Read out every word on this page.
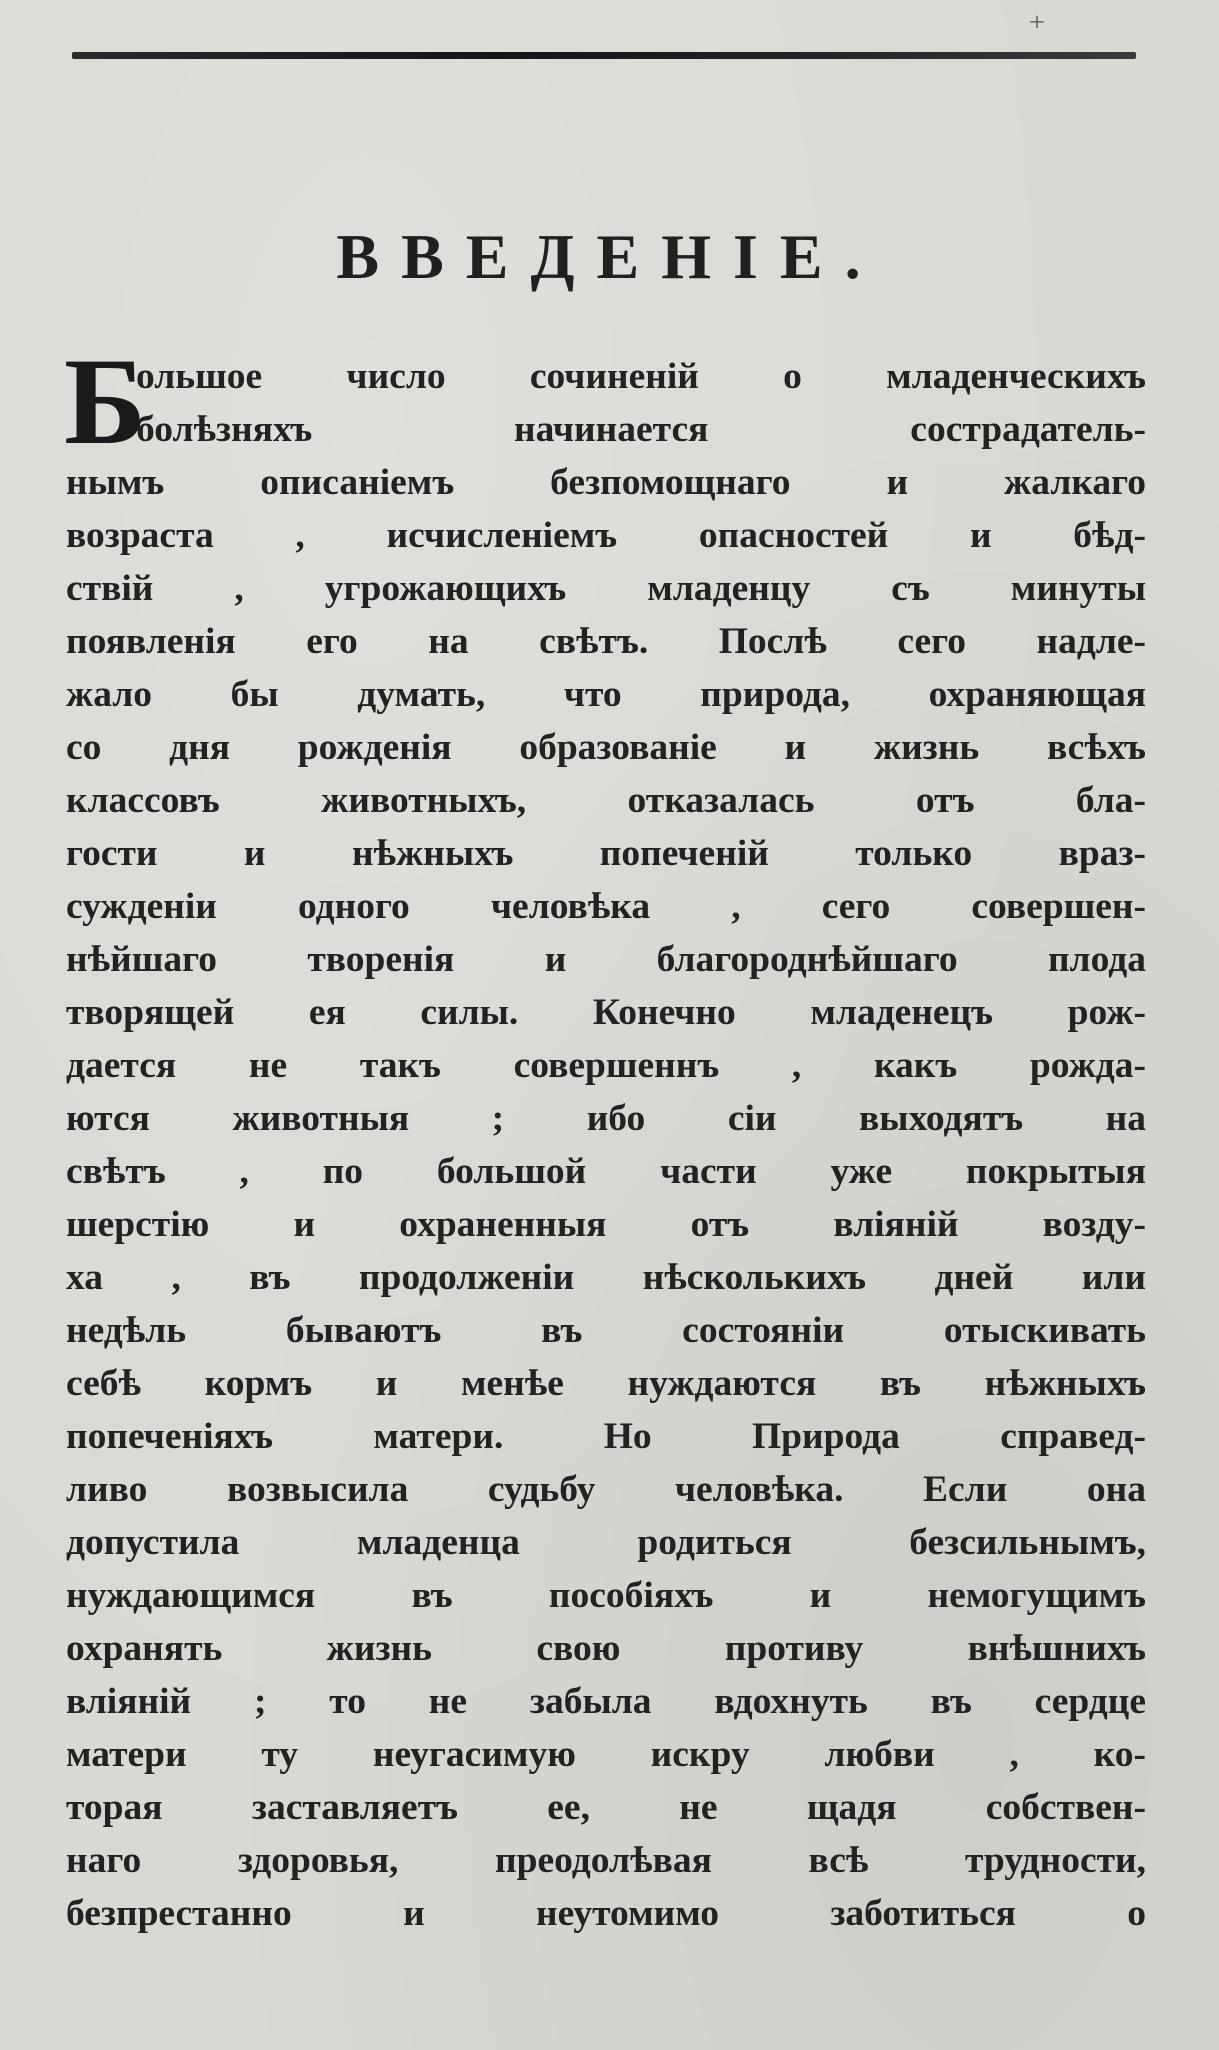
⁺
ВВЕДЕНІЕ.
Б
ольшое число сочиненій о младенческихъ
болѣзняхъ начинается сострадатель-
нымъ описаніемъ безпомощнаго и жалкаго
возраста , исчисленіемъ опасностей и бѣд-
ствій , угрожающихъ младенцу съ минуты
появленія его на свѣтъ. Послѣ сего надле-
жало бы думать, что природа, охраняющая
со дня рожденія образованіе и жизнь всѣхъ
классовъ животныхъ, отказалась отъ бла-
гости и нѣжныхъ попеченій только враз-
сужденіи одного человѣка , сего совершен-
нѣйшаго творенія и благороднѣйшаго плода
творящей ея силы. Конечно младенецъ рож-
дается не такъ совершеннъ , какъ рожда-
ются животныя ; ибо сіи выходятъ на
свѣтъ , по большой части уже покрытыя
шерстію и охраненныя отъ вліяній возду-
ха , въ продолженіи нѣсколькихъ дней или
недѣль бываютъ въ состояніи отыскивать
себѣ кормъ и менѣе нуждаются въ нѣжныхъ
попеченіяхъ матери. Но Природа справед-
ливо возвысила судьбу человѣка. Если она
допустила младенца родиться безсильнымъ,
нуждающимся въ пособіяхъ и немогущимъ
охранять жизнь свою противу внѣшнихъ
вліяній ; то не забыла вдохнуть въ сердце
матери ту неугасимую искру любви , ко-
торая заставляетъ ее, не щадя собствен-
наго здоровья, преодолѣвая всѣ трудности,
безпрестанно и неутомимо заботиться о
